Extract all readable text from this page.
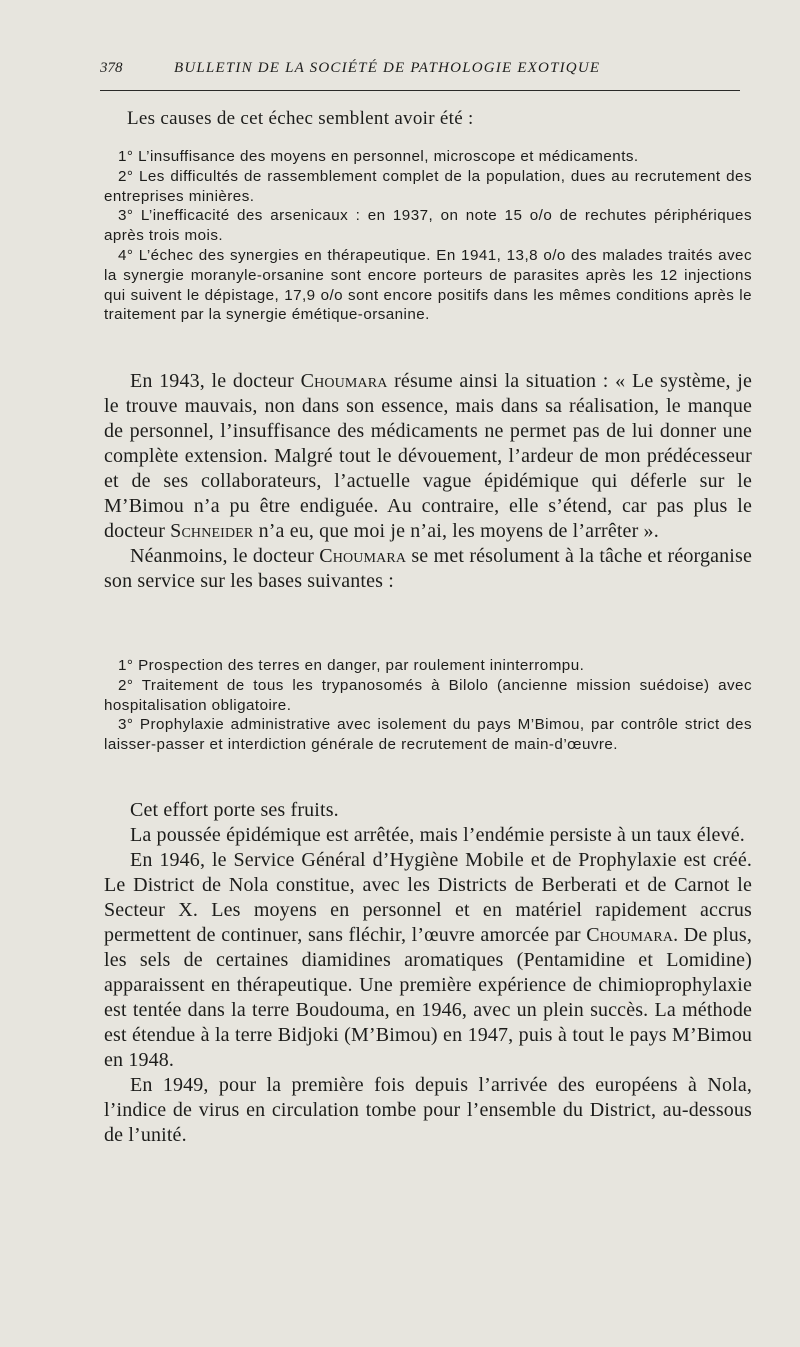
378	BULLETIN DE LA SOCIÉTÉ DE PATHOLOGIE EXOTIQUE
Les causes de cet échec semblent avoir été :

1° L’insuffisance des moyens en personnel, microscope et médicaments.

2° Les difficultés de rassemblement complet de la population, dues au recrutement des entreprises minières.

3° L’inefficacité des arsenicaux : en 1937, on note 15 o/o de rechutes périphériques après trois mois.

4° L’échec des synergies en thérapeutique. En 1941, 13,8 o/o des malades traités avec la synergie moranyle-orsanine sont encore porteurs de parasites après les 12 injections qui suivent le dépistage, 17,9 o/o sont encore positifs dans les mêmes conditions après le traitement par la synergie émétique-orsanine.

En 1943, le docteur Choumara résume ainsi la situation : « Le système, je le trouve mauvais, non dans son essence, mais dans sa réalisation, le manque de personnel, l’insuffisance des médicaments ne permet pas de lui donner une complète extension. Malgré tout le dévouement, l’ardeur de mon prédécesseur et de ses collaborateurs, l’actuelle vague épidémique qui déferle sur le M’Bimou n’a pu être endiguée. Au contraire, elle s’étend, car pas plus le docteur Schneider n’a eu, que moi je n’ai, les moyens de l’arrêter ».

Néanmoins, le docteur Choumara se met résolument à la tâche et réorganise son service sur les bases suivantes :

1° Prospection des terres en danger, par roulement ininterrompu.

2° Traitement de tous les trypanosomés à Bilolo (ancienne mission suédoise) avec hospitalisation obligatoire.

3° Prophylaxie administrative avec isolement du pays M’Bimou, par contrôle strict des laisser-passer et interdiction générale de recrutement de main-d’œuvre.

Cet effort porte ses fruits.

La poussée épidémique est arrêtée, mais l’endémie persiste à un taux élevé.

En 1946, le Service Général d’Hygiène Mobile et de Prophylaxie est créé. Le District de Nola constitue, avec les Districts de Berberati et de Carnot le Secteur X. Les moyens en personnel et en matériel rapidement accrus permettent de continuer, sans fléchir, l’œuvre amorcée par Choumara. De plus, les sels de certaines diamidines aromatiques (Pentamidine et Lomidine) apparaissent en thérapeutique. Une première expérience de chimioprophylaxie est tentée dans la terre Boudouma, en 1946, avec un plein succès. La méthode est étendue à la terre Bidjoki (M’Bimou) en 1947, puis à tout le pays M’Bimou en 1948.

En 1949, pour la première fois depuis l’arrivée des européens à Nola, l’indice de virus en circulation tombe pour l’ensemble du District, au-dessous de l’unité.
